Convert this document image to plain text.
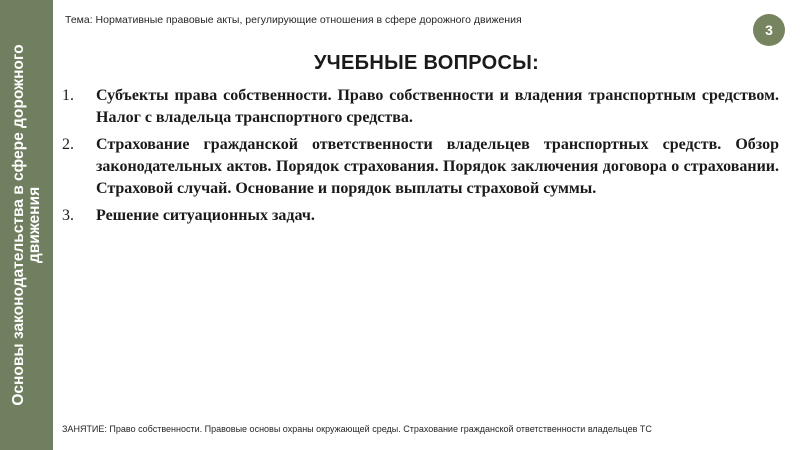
Основы законодательства в сфере дорожного движения
Тема: Нормативные правовые акты, регулирующие отношения в сфере дорожного движения
3
УЧЕБНЫЕ ВОПРОСЫ:
1.	Субъекты права собственности. Право собственности и владения транспортным средством. Налог с владельца транспортного средства.
2.	Страхование гражданской ответственности владельцев транспортных средств. Обзор законодательных актов. Порядок страхования. Порядок заключения договора о страховании. Страховой случай. Основание и порядок выплаты страховой суммы.
3.	Решение ситуационных задач.
ЗАНЯТИЕ: Право собственности. Правовые основы охраны окружающей среды. Страхование гражданской ответственности владельцев ТС
